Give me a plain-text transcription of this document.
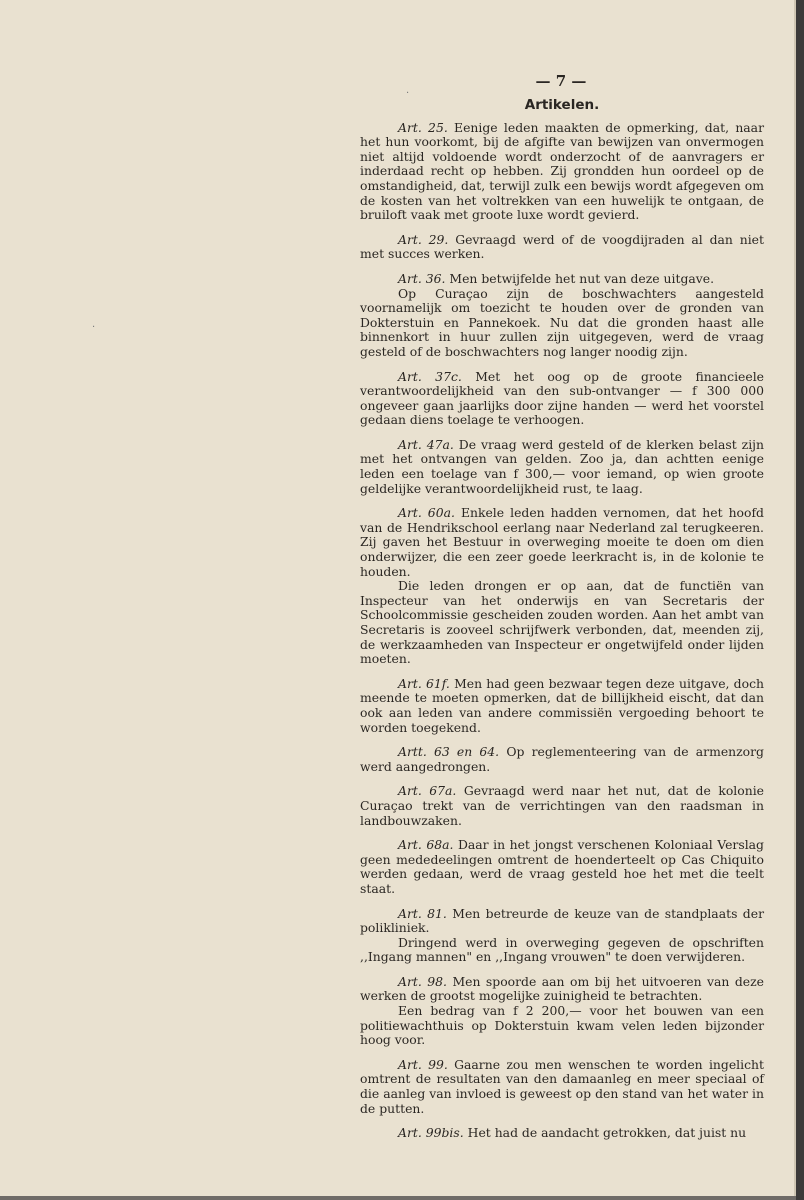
·
·
— 7 —
Artikelen.

Art. 25. Eenige leden maakten de opmerking, dat, naar het hun voorkomt, bij de afgifte van bewijzen van onvermogen niet altijd voldoende wordt onderzocht of de aanvragers er inderdaad recht op hebben. Zij grondden hun oordeel op de omstandigheid, dat, terwijl zulk een bewijs wordt afgegeven om de kosten van het voltrekken van een huwelijk te ontgaan, de bruiloft vaak met groote luxe wordt gevierd.

Art. 29. Gevraagd werd of de voogdijraden al dan niet met succes werken.

Art. 36. Men betwijfelde het nut van deze uitgave.

Op Curaçao zijn de boschwachters aangesteld voornamelijk om toezicht te houden over de gronden van Dokterstuin en Pannekoek. Nu dat die gronden haast alle binnenkort in huur zullen zijn uitgegeven, werd de vraag gesteld of de boschwachters nog langer noodig zijn.

Art. 37c. Met het oog op de groote financieele verantwoordelijkheid van den sub-ontvanger — f 300 000 ongeveer gaan jaarlijks door zijne handen — werd het voorstel gedaan diens toelage te verhoogen.

Art. 47a. De vraag werd gesteld of de klerken belast zijn met het ontvangen van gelden. Zoo ja, dan achtten eenige leden een toelage van f 300,— voor iemand, op wien groote geldelijke verantwoordelijkheid rust, te laag.

Art. 60a. Enkele leden hadden vernomen, dat het hoofd van de Hendrikschool eerlang naar Nederland zal terugkeeren. Zij gaven het Bestuur in overweging moeite te doen om dien onderwijzer, die een zeer goede leerkracht is, in de kolonie te houden.

Die leden drongen er op aan, dat de functiën van Inspecteur van het onderwijs en van Secretaris der Schoolcommissie gescheiden zouden worden. Aan het ambt van Secretaris is zooveel schrijfwerk verbonden, dat, meenden zij, de werkzaamheden van Inspecteur er ongetwijfeld onder lijden moeten.

Art. 61f. Men had geen bezwaar tegen deze uitgave, doch meende te moeten opmerken, dat de billijkheid eischt, dat dan ook aan leden van andere commissiën vergoeding behoort te worden toegekend.

Artt. 63 en 64. Op reglementeering van de armenzorg werd aangedrongen.

Art. 67a. Gevraagd werd naar het nut, dat de kolonie Curaçao trekt van de verrichtingen van den raadsman in landbouwzaken.

Art. 68a. Daar in het jongst verschenen Koloniaal Verslag geen mededeelingen omtrent de hoenderteelt op Cas Chiquito werden gedaan, werd de vraag gesteld hoe het met die teelt staat.

Art. 81. Men betreurde de keuze van de standplaats der polikliniek.

Dringend werd in overweging gegeven de opschriften ,,Ingang mannen" en ,,Ingang vrouwen" te doen verwijderen.

Art. 98. Men spoorde aan om bij het uitvoeren van deze werken de grootst mogelijke zuinigheid te betrachten.

Een bedrag van f 2 200,— voor het bouwen van een politiewachthuis op Dokterstuin kwam velen leden bijzonder hoog voor.

Art. 99. Gaarne zou men wenschen te worden ingelicht omtrent de resultaten van den damaanleg en meer speciaal of die aanleg van invloed is geweest op den stand van het water in de putten.

Art. 99bis. Het had de aandacht getrokken, dat juist nu
